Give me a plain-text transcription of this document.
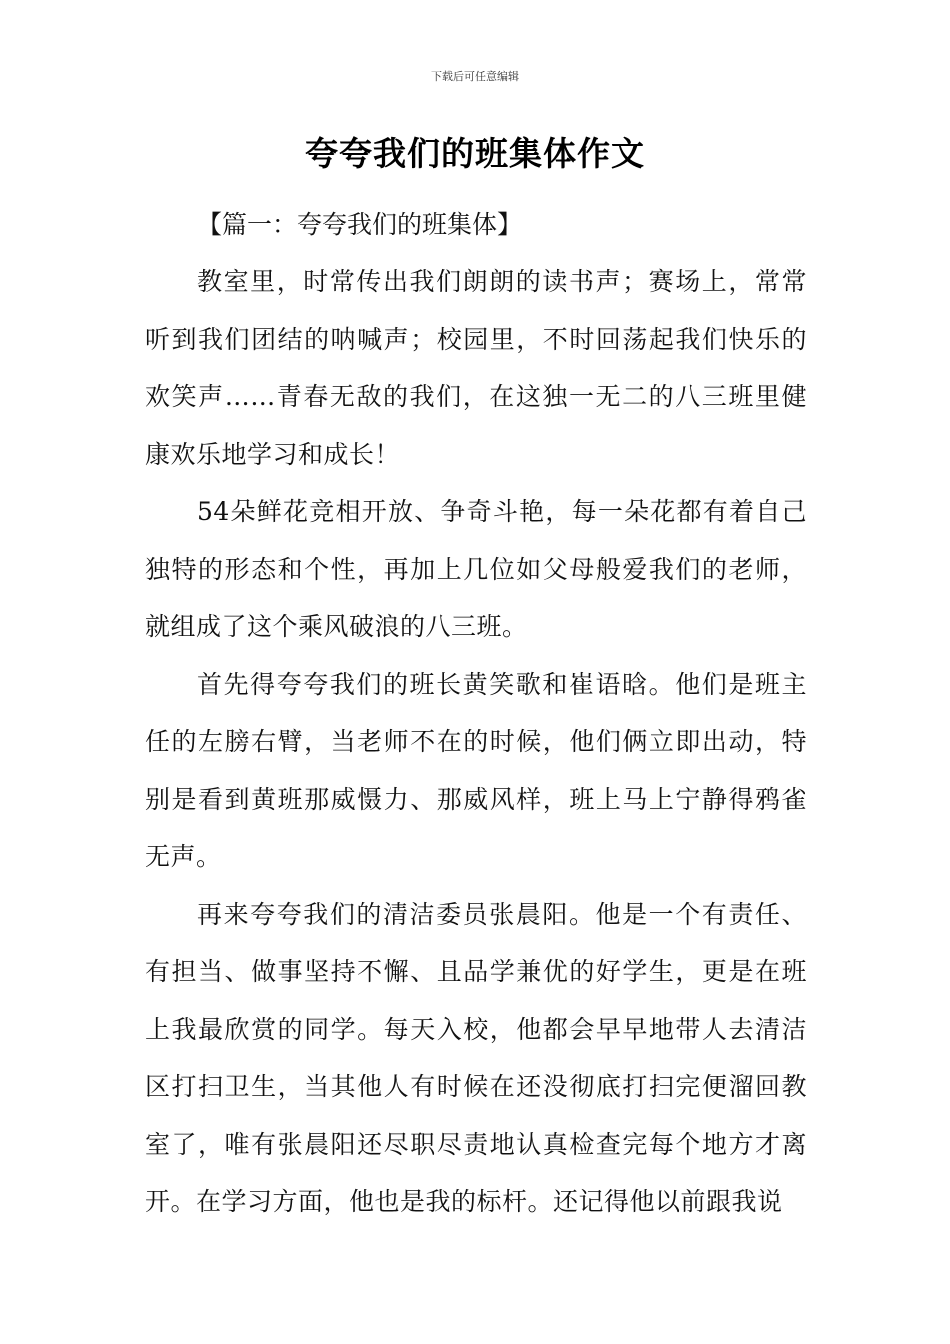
下载后可任意编辑
夸夸我们的班集体作文

【篇一：夸夸我们的班集体】

教室里，时常传出我们朗朗的读书声；赛场上，常常听到我们团结的呐喊声；校园里，不时回荡起我们快乐的欢笑声……青春无敌的我们，在这独一无二的八三班里健康欢乐地学习和成长！

54朵鲜花竞相开放、争奇斗艳，每一朵花都有着自己独特的形态和个性，再加上几位如父母般爱我们的老师，就组成了这个乘风破浪的八三班。

首先得夸夸我们的班长黄笑歌和崔语晗。他们是班主任的左膀右臂，当老师不在的时候，他们俩立即出动，特别是看到黄班那威慑力、那威风样，班上马上宁静得鸦雀无声。

再来夸夸我们的清洁委员张晨阳。他是一个有责任、有担当、做事坚持不懈、且品学兼优的好学生，更是在班上我最欣赏的同学。每天入校，他都会早早地带人去清洁区打扫卫生，当其他人有时候在还没彻底打扫完便溜回教室了，唯有张晨阳还尽职尽责地认真检查完每个地方才离开。在学习方面，他也是我的标杆。还记得他以前跟我说
